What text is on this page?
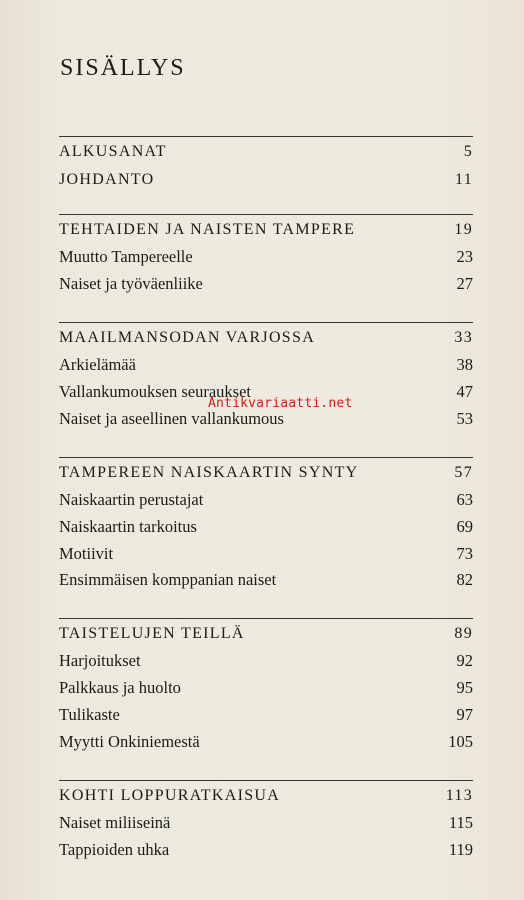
SISÄLLYS
ALKUSANAT	5
JOHDANTO	11
TEHTAIDEN JA NAISTEN TAMPERE	19
Muutto Tampereelle	23
Naiset ja työväenliike	27
MAAILMANSODAN VARJOSSA	33
Arkielämää	38
Vallankumouksen seuraukset	47
Naiset ja aseellinen vallankumous	53
TAMPEREEN NAISKAARTIN SYNTY	57
Naiskaartin perustajat	63
Naiskaartin tarkoitus	69
Motiivit	73
Ensimmäisen komppanian naiset	82
TAISTELUJEN TEILLÄ	89
Harjoitukset	92
Palkkaus ja huolto	95
Tulikaste	97
Myytti Onkiniemestä	105
KOHTI LOPPURATKAISUA	113
Naiset miliiseinä	115
Tappioiden uhka	119
Antikvariaatti.net
